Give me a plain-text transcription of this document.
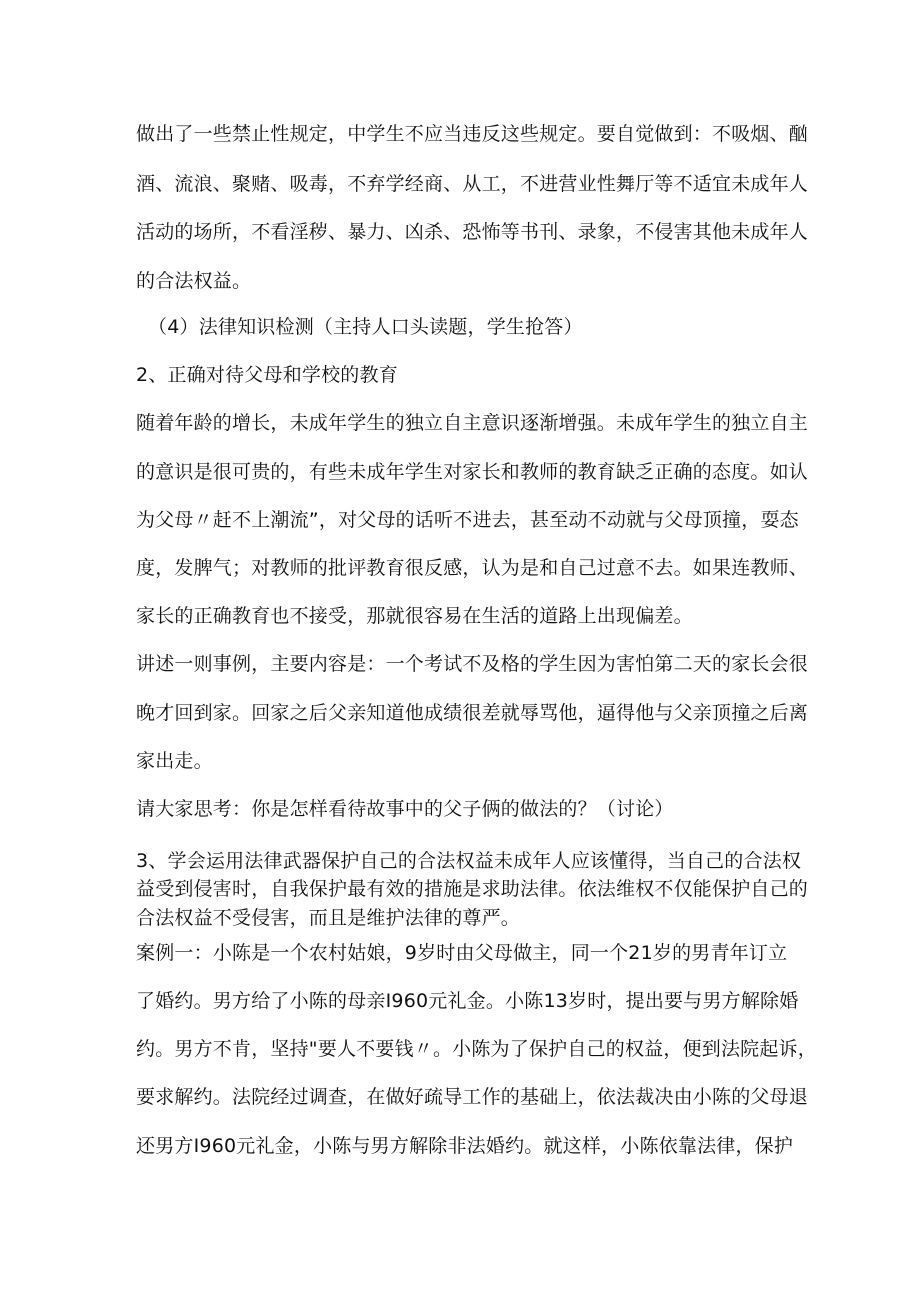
做出了一些禁止性规定，中学生不应当违反这些规定。要自觉做到：不吸烟、酗

酒、流浪、聚赌、吸毒，不弃学经商、从工，不进营业性舞厅等不适宜未成年人

活动的场所，不看淫秽、暴力、凶杀、恐怖等书刊、录象，不侵害其他未成年人

的合法权益。

（4）法律知识检测（主持人口头读题，学生抢答）

2、正确对待父母和学校的教育

随着年龄的增长，未成年学生的独立自主意识逐渐增强。未成年学生的独立自主

的意识是很可贵的，有些未成年学生对家长和教师的教育缺乏正确的态度。如认

为父母〃赶不上潮流”，对父母的话听不进去，甚至动不动就与父母顶撞，耍态

度，发脾气；对教师的批评教育很反感，认为是和自己过意不去。如果连教师、

家长的正确教育也不接受，那就很容易在生活的道路上出现偏差。

讲述一则事例，主要内容是：一个考试不及格的学生因为害怕第二天的家长会很

晚才回到家。回家之后父亲知道他成绩很差就辱骂他，逼得他与父亲顶撞之后离

家出走。

请大家思考：你是怎样看待故事中的父子俩的做法的？（讨论）

3、学会运用法律武器保护自己的合法权益未成年人应该懂得，当自己的合法权

益受到侵害时，自我保护最有效的措施是求助法律。依法维权不仅能保护自己的

合法权益不受侵害，而且是维护法律的尊严。

案例一：小陈是一个农村姑娘，9岁时由父母做主，同一个21岁的男青年订立

了婚约。男方给了小陈的母亲I960元礼金。小陈13岁时，提出要与男方解除婚

约。男方不肯，坚持"要人不要钱〃。小陈为了保护自己的权益，便到法院起诉，

要求解约。法院经过调查，在做好疏导工作的基础上，依法裁决由小陈的父母退

还男方I960元礼金，小陈与男方解除非法婚约。就这样，小陈依靠法律，保护
